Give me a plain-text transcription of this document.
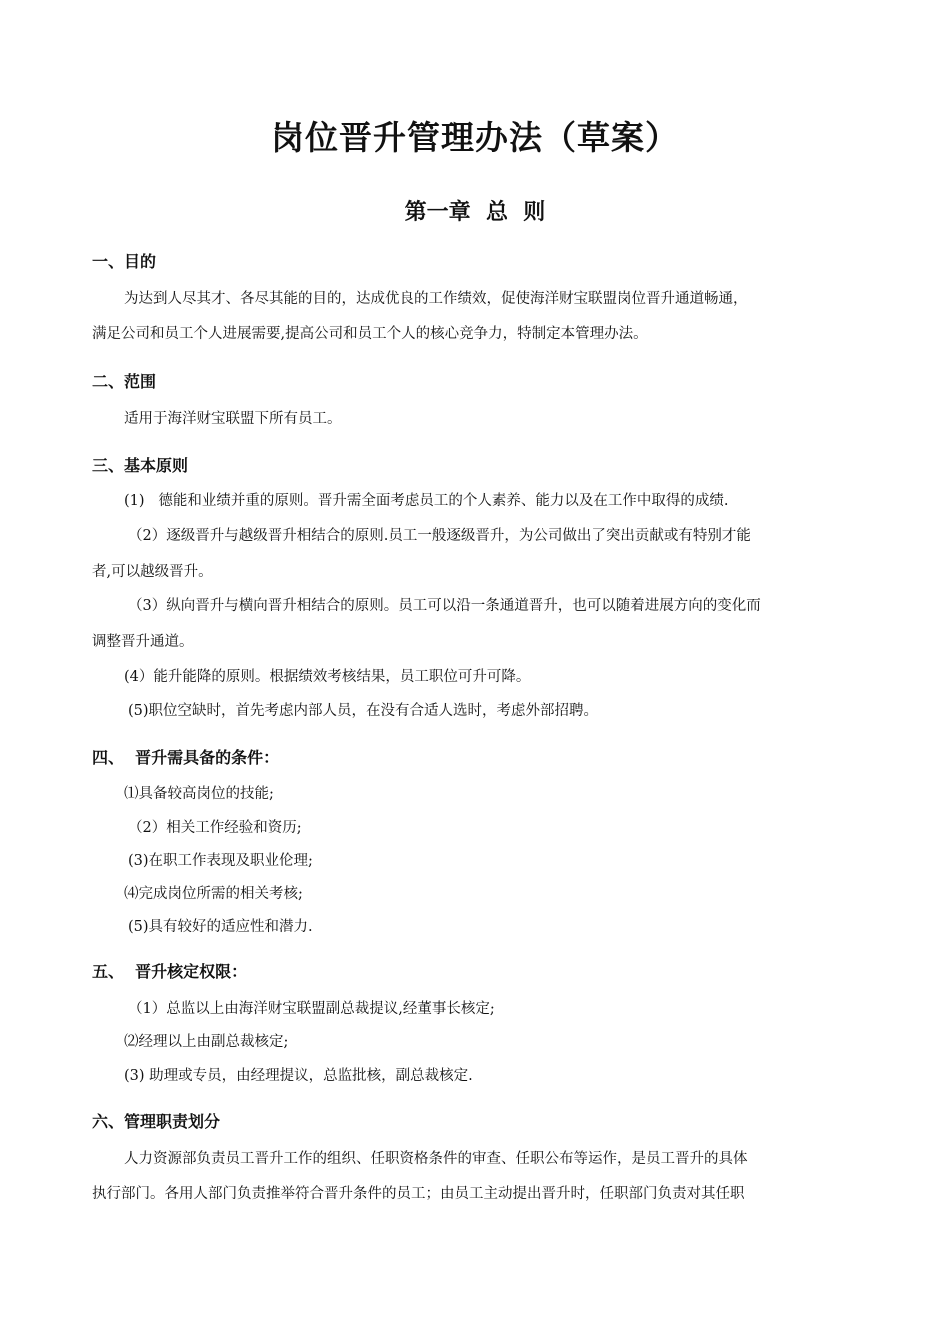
岗位晋升管理办法（草案）
第一章  总  则
一、目的
为达到人尽其才、各尽其能的目的，达成优良的工作绩效，促使海洋财宝联盟岗位晋升通道畅通，
满足公司和员工个人进展需要,提高公司和员工个人的核心竞争力，特制定本管理办法。
二、范围
适用于海洋财宝联盟下所有员工。
三、基本原则
(1)   德能和业绩并重的原则。晋升需全面考虑员工的个人素养、能力以及在工作中取得的成绩.
（2）逐级晋升与越级晋升相结合的原则.员工一般逐级晋升，为公司做出了突出贡献或有特别才能
者,可以越级晋升。
（3）纵向晋升与横向晋升相结合的原则。员工可以沿一条通道晋升，也可以随着进展方向的变化而
调整晋升通道。
(4）能升能降的原则。根据绩效考核结果，员工职位可升可降。
(5)职位空缺时，首先考虑内部人员，在没有合适人选时，考虑外部招聘。
四、  晋升需具备的条件：
⑴具备较高岗位的技能;
（2）相关工作经验和资历;
(3)在职工作表现及职业伦理;
⑷完成岗位所需的相关考核;
(5)具有较好的适应性和潜力.
五、  晋升核定权限：
（1）总监以上由海洋财宝联盟副总裁提议,经董事长核定;
⑵经理以上由副总裁核定;
(3) 助理或专员，由经理提议，总监批核，副总裁核定.
六、管理职责划分
人力资源部负责员工晋升工作的组织、任职资格条件的审查、任职公布等运作，是员工晋升的具体
执行部门。各用人部门负责推举符合晋升条件的员工；由员工主动提出晋升时，任职部门负责对其任职
